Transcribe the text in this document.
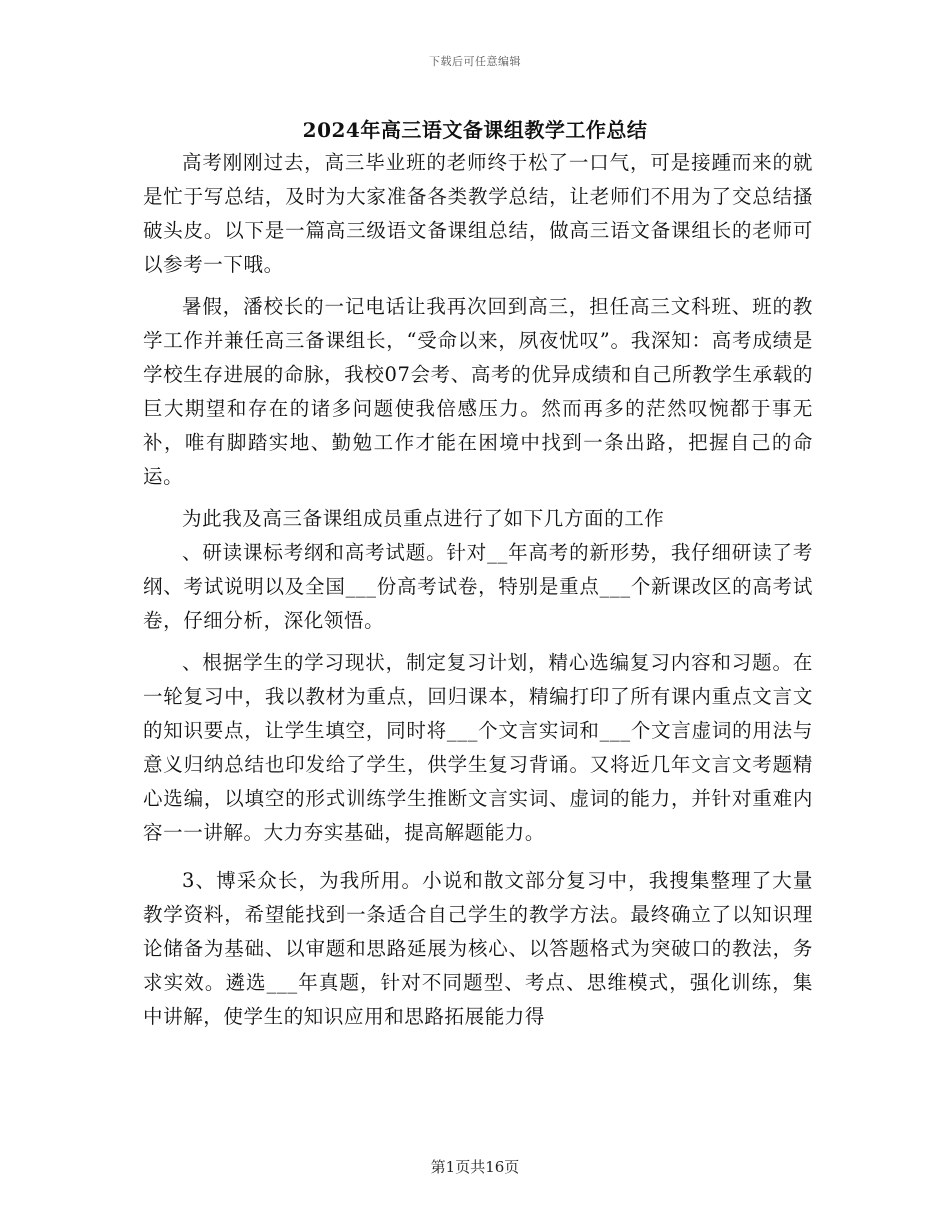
下载后可任意编辑
2024年高三语文备课组教学工作总结

高考刚刚过去，高三毕业班的老师终于松了一口气，可是接踵而来的就是忙于写总结，及时为大家准备各类教学总结，让老师们不用为了交总结搔破头皮。以下是一篇高三级语文备课组总结，做高三语文备课组长的老师可以参考一下哦。

暑假，潘校长的一记电话让我再次回到高三，担任高三文科班、班的教学工作并兼任高三备课组长，“受命以来，夙夜忧叹”。我深知：高考成绩是学校生存进展的命脉，我校07会考、高考的优异成绩和自己所教学生承载的巨大期望和存在的诸多问题使我倍感压力。然而再多的茫然叹惋都于事无补，唯有脚踏实地、勤勉工作才能在困境中找到一条出路，把握自己的命运。

为此我及高三备课组成员重点进行了如下几方面的工作

、研读课标考纲和高考试题。针对__年高考的新形势，我仔细研读了考纲、考试说明以及全国___份高考试卷，特别是重点___个新课改区的高考试卷，仔细分析，深化领悟。

、根据学生的学习现状，制定复习计划，精心选编复习内容和习题。在一轮复习中，我以教材为重点，回归课本，精编打印了所有课内重点文言文的知识要点，让学生填空，同时将___个文言实词和___个文言虚词的用法与意义归纳总结也印发给了学生，供学生复习背诵。又将近几年文言文考题精心选编，以填空的形式训练学生推断文言实词、虚词的能力，并针对重难内容一一讲解。大力夯实基础，提高解题能力。

3、博采众长，为我所用。小说和散文部分复习中，我搜集整理了大量教学资料，希望能找到一条适合自己学生的教学方法。最终确立了以知识理论储备为基础、以审题和思路延展为核心、以答题格式为突破口的教法，务求实效。遴选___年真题，针对不同题型、考点、思维模式，强化训练，集中讲解，使学生的知识应用和思路拓展能力得

第1页共16页
